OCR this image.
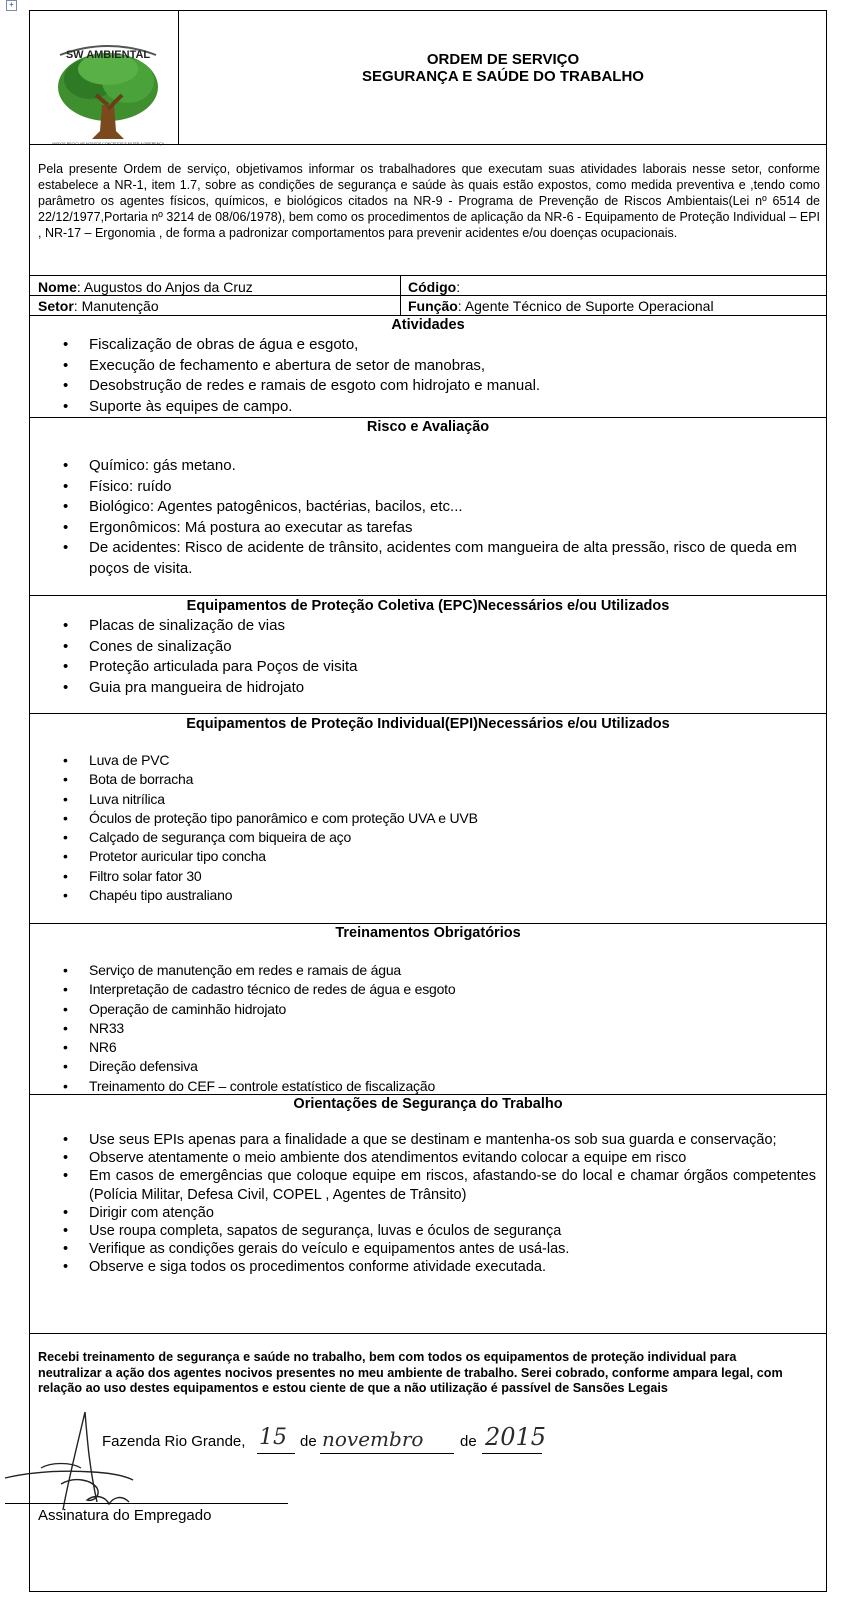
+
SW AMBIENTAL
UNIDOS RECICLAR NOSSOS CONCEITOS E FAZER A DIFERENÇA
ORDEM DE SERVIÇO
SEGURANÇA E SAÚDE DO TRABALHO
Pela presente Ordem de serviço, objetivamos informar os trabalhadores que executam suas atividades laborais nesse setor, conforme estabelece a NR-1, item 1.7, sobre as condições de segurança e saúde às quais estão expostos, como medida preventiva e ,tendo como parâmetro os agentes físicos, químicos, e biológicos citados na NR-9 - Programa de Prevenção de Riscos Ambientais(Lei nº 6514 de 22/12/1977,Portaria nº 3214 de 08/06/1978), bem como os procedimentos de aplicação da NR-6 - Equipamento de Proteção Individual – EPI , NR-17 – Ergonomia , de forma a padronizar comportamentos para prevenir acidentes e/ou doenças ocupacionais.
Nome: Augustos do Anjos da Cruz	Código:
Setor: Manutenção	Função: Agente Técnico de Suporte Operacional
Atividades
• Fiscalização de obras de água e esgoto,
• Execução de fechamento e abertura de setor de manobras,
• Desobstrução de redes e ramais de esgoto com hidrojato e manual.
• Suporte às equipes de campo.
Risco e Avaliação
• Químico: gás metano.
• Físico: ruído
• Biológico: Agentes patogênicos, bactérias, bacilos, etc...
• Ergonômicos: Má postura ao executar as tarefas
• De acidentes: Risco de acidente de trânsito, acidentes com mangueira de alta pressão, risco de queda em poços de visita.
Equipamentos de Proteção Coletiva (EPC)Necessários e/ou Utilizados
• Placas de sinalização de vias
• Cones de sinalização
• Proteção articulada para Poços de visita
• Guia pra mangueira de hidrojato
Equipamentos de Proteção Individual(EPI)Necessários e/ou Utilizados
• Luva de PVC
• Bota de borracha
• Luva nitrílica
• Óculos de proteção tipo panorâmico e com proteção UVA e UVB
• Calçado de segurança com biqueira de aço
• Protetor auricular tipo concha
• Filtro solar fator 30
• Chapéu tipo australiano
Treinamentos Obrigatórios
• Serviço de manutenção em redes e ramais de água
• Interpretação de cadastro técnico de redes de água e esgoto
• Operação de caminhão hidrojato
• NR33
• NR6
• Direção defensiva
• Treinamento do CEF – controle estatístico de fiscalização
Orientações de Segurança do Trabalho
• Use seus EPIs apenas para a finalidade a que se destinam e mantenha-os sob sua guarda e conservação;
• Observe atentamente o meio ambiente dos atendimentos evitando colocar a equipe em risco
• Em casos de emergências que coloque equipe em riscos, afastando-se do local e chamar órgãos competentes (Polícia Militar, Defesa Civil, COPEL , Agentes de Trânsito)
• Dirigir com atenção
• Use roupa completa, sapatos de segurança, luvas e óculos de segurança
• Verifique as condições gerais do veículo e equipamentos antes de usá-las.
• Observe e siga todos os procedimentos conforme atividade executada.
Recebi treinamento de segurança e saúde no trabalho, bem com todos os equipamentos de proteção individual para neutralizar a ação dos agentes nocivos presentes no meu ambiente de trabalho. Serei cobrado, conforme ampara legal, com relação ao uso destes equipamentos e estou ciente de que a não utilização é passível de Sansões Legais
Fazenda Rio Grande, 15 de novembro de 2015
Assinatura do Empregado
